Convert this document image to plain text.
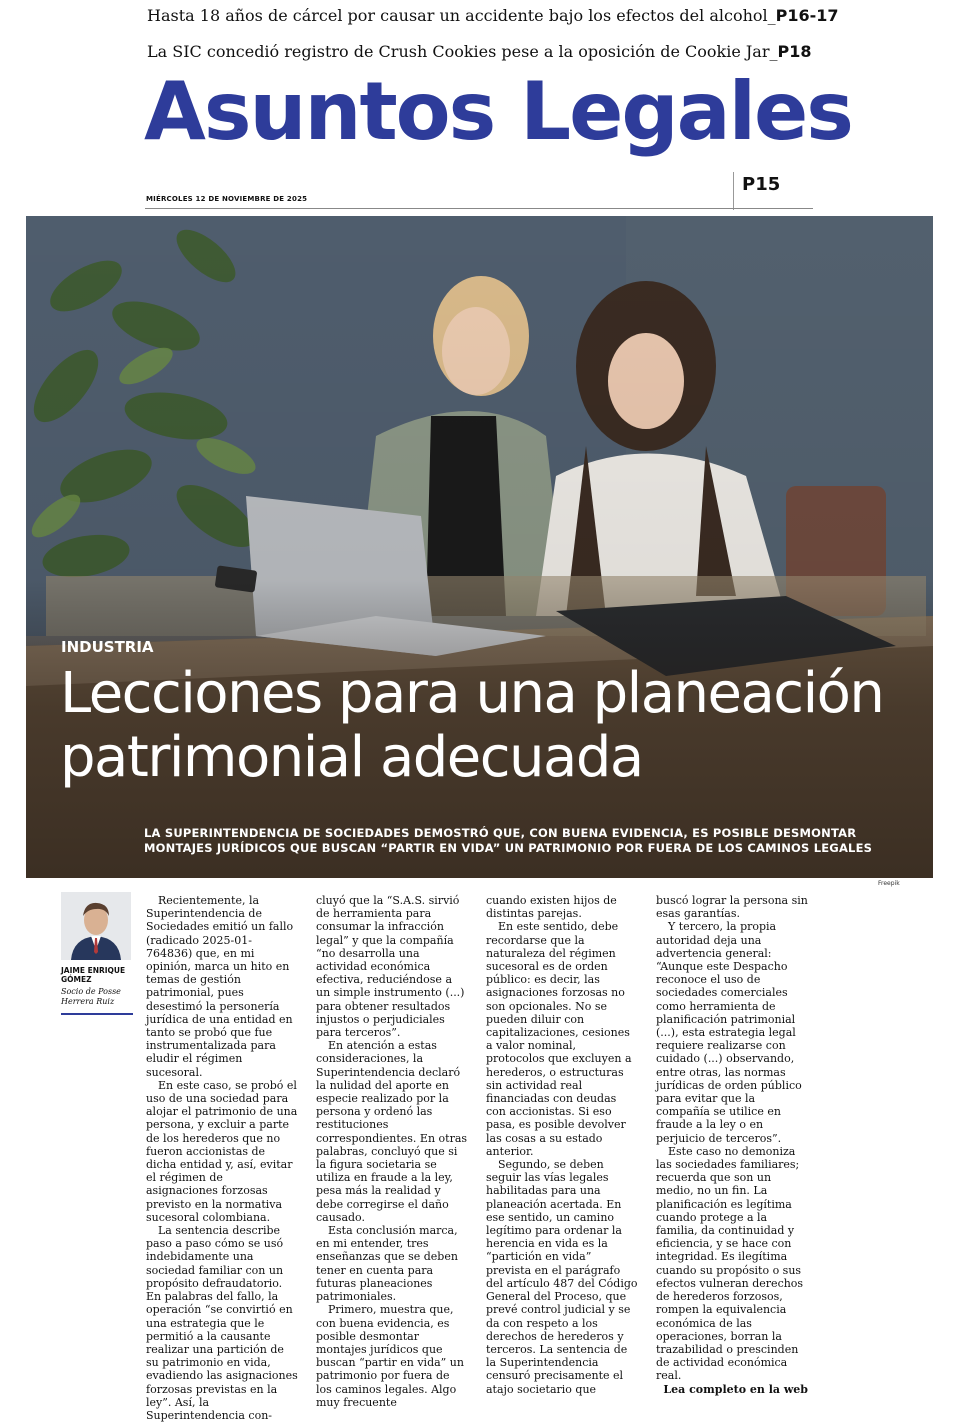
Hasta 18 años de cárcel por causar un accidente bajo los efectos del alcohol_P16-17
La SIC concedió registro de Crush Cookies pese a la oposición de Cookie Jar_P18
Asuntos Legales
P15
MIÉRCOLES 12 DE NOVIEMBRE DE 2025
INDUSTRIA
Lecciones para una planeación patrimonial adecuada
LA SUPERINTENDENCIA DE SOCIEDADES DEMOSTRÓ QUE, CON BUENA EVIDENCIA, ES POSIBLE DESMONTAR MONTAJES JURÍDICOS QUE BUSCAN “PARTIR EN VIDA” UN PATRIMONIO POR FUERA DE LOS CAMINOS LEGALES
Freepik
JAIME ENRIQUE GÓMEZ
Socio de Posse Herrera Ruiz

Recientemente, la Superintendencia de Sociedades emitió un fallo (radicado 2025-01-764836) que, en mi opinión, marca un hito en temas de gestión patrimonial, pues desestimó la personería jurídica de una entidad en tanto se probó que fue instrumentalizada para eludir el régimen sucesoral.

En este caso, se probó el uso de una sociedad para alojar el patrimonio de una persona, y excluir a parte de los herederos que no fueron accionistas de dicha entidad y, así, evitar el régimen de asignaciones forzosas previsto en la normativa sucesoral colombiana.

La sentencia describe paso a paso cómo se usó indebidamente una sociedad familiar con un propósito defraudatorio. En palabras del fallo, la operación “se convirtió en una estrategia que le permitió a la causante realizar una partición de su patrimonio en vida, evadiendo las asignaciones forzosas previstas en la ley”. Así, la Superintendencia con-

cluyó que la “S.A.S. sirvió de herramienta para consumar la infracción legal” y que la compañía “no desarrolla una actividad económica efectiva, reduciéndose a un simple instrumento (...) para obtener resultados injustos o perjudiciales para terceros”.

En atención a estas consideraciones, la Superintendencia declaró la nulidad del aporte en especie realizado por la persona y ordenó las restituciones correspondientes. En otras palabras, concluyó que si la figura societaria se utiliza en fraude a la ley, pesa más la realidad y debe corregirse el daño causado.

Esta conclusión marca, en mi entender, tres enseñanzas que se deben tener en cuenta para futuras planeaciones patrimoniales.

Primero, muestra que, con buena evidencia, es posible desmontar montajes jurídicos que buscan “partir en vida” un patrimonio por fuera de los caminos legales. Algo muy frecuente

cuando existen hijos de distintas parejas.

En este sentido, debe recordarse que la naturaleza del régimen sucesoral es de orden público: es decir, las asignaciones forzosas no son opcionales. No se pueden diluir con capitalizaciones, cesiones a valor nominal, protocolos que excluyen a herederos, o estructuras sin actividad real financiadas con deudas con accionistas. Si eso pasa, es posible devolver las cosas a su estado anterior.

Segundo, se deben seguir las vías legales habilitadas para una planeación acertada. En ese sentido, un camino legítimo para ordenar la herencia en vida es la “partición en vida” prevista en el parágrafo del artículo 487 del Código General del Proceso, que prevé control judicial y se da con respeto a los derechos de herederos y terceros. La sentencia de la Superintendencia censuró precisamente el atajo societario que

buscó lograr la persona sin esas garantías.

Y tercero, la propia autoridad deja una advertencia general: “Aunque este Despacho reconoce el uso de sociedades comerciales como herramienta de planificación patrimonial (...), esta estrategia legal requiere realizarse con cuidado (...) observando, entre otras, las normas jurídicas de orden público para evitar que la compañía se utilice en fraude a la ley o en perjuicio de terceros”.

Este caso no demoniza las sociedades familiares; recuerda que son un medio, no un fin. La planificación es legítima cuando protege a la familia, da continuidad y eficiencia, y se hace con integridad. Es ilegítima cuando su propósito o sus efectos vulneran derechos de herederos forzosos, rompen la equivalencia económica de las operaciones, borran la trazabilidad o prescinden de actividad económica real.

Lea completo en la web
